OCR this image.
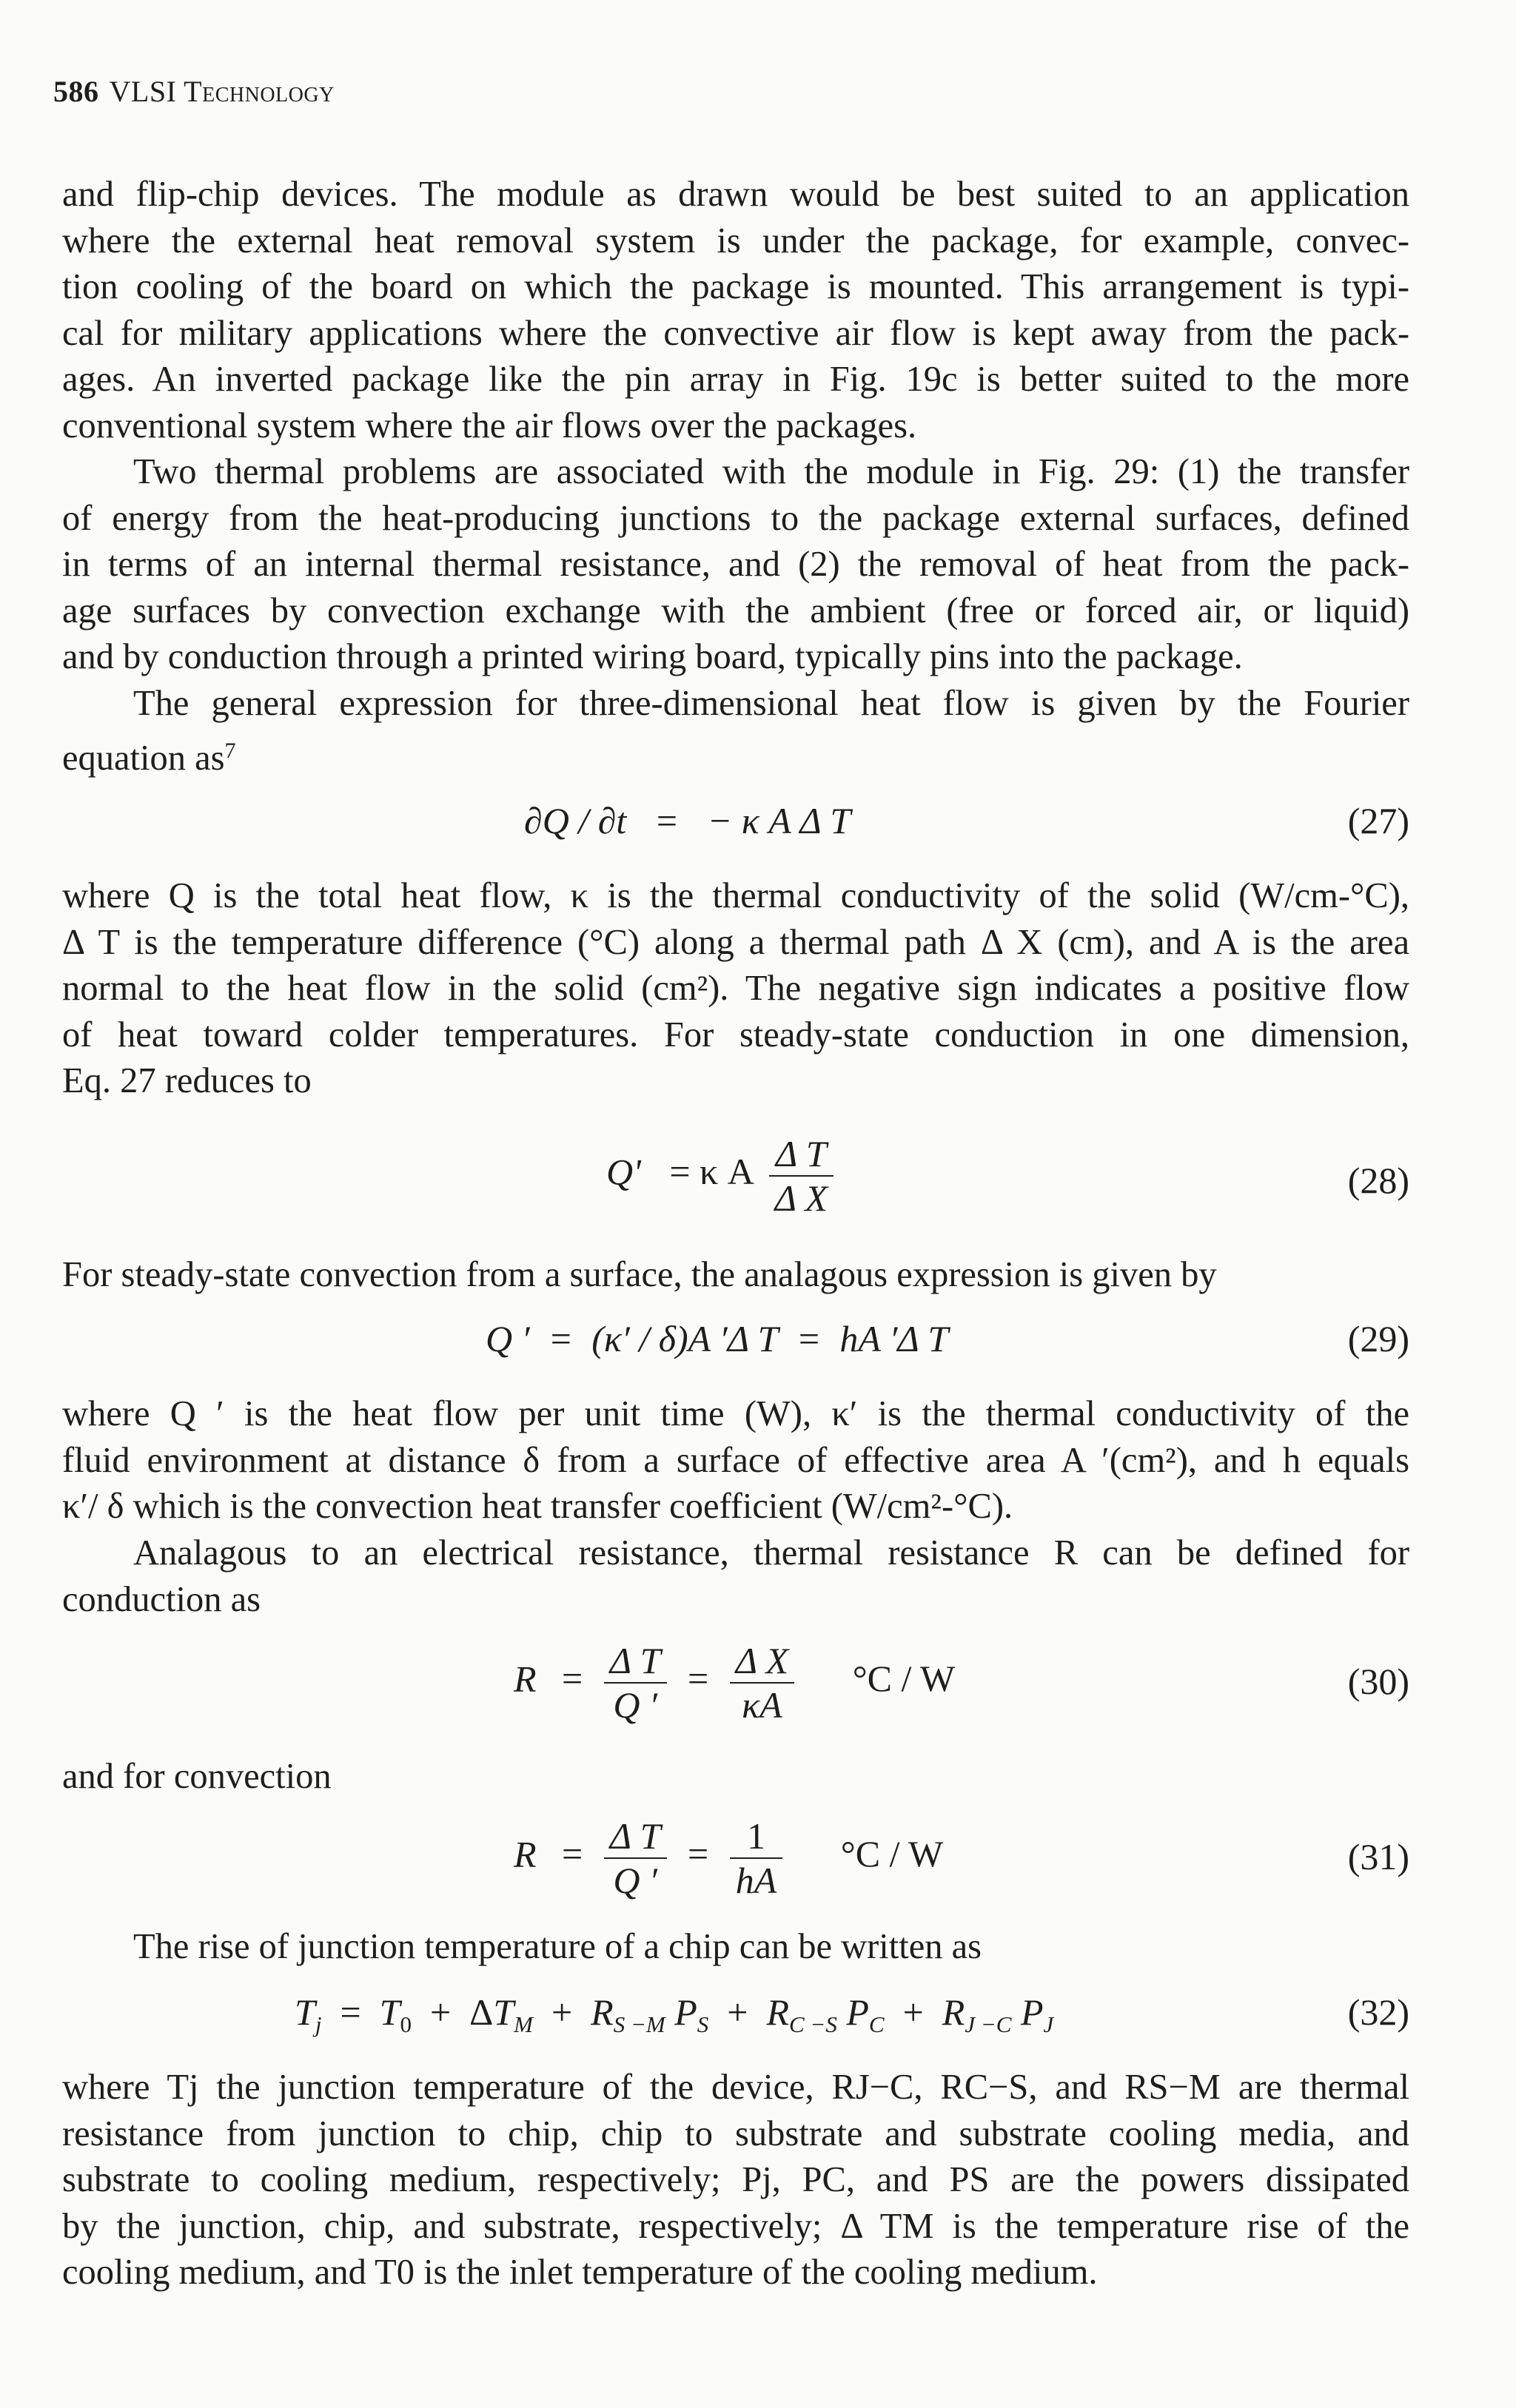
586 VLSI Technology
and flip-chip devices. The module as drawn would be best suited to an application
where the external heat removal system is under the package, for example, convec-
tion cooling of the board on which the package is mounted. This arrangement is typi-
cal for military applications where the convective air flow is kept away from the pack-
ages. An inverted package like the pin array in Fig. 19c is better suited to the more
conventional system where the air flows over the packages.
Two thermal problems are associated with the module in Fig. 29: (1) the transfer
of energy from the heat-producing junctions to the package external surfaces, defined
in terms of an internal thermal resistance, and (2) the removal of heat from the pack-
age surfaces by convection exchange with the ambient (free or forced air, or liquid)
and by conduction through a printed wiring board, typically pins into the package.
The general expression for three-dimensional heat flow is given by the Fourier
equation $as^7$
∂Q / ∂t = − κ A Δ T	(27)
where Q is the total heat flow, κ is the thermal conductivity of the solid (W/cm-°C),
Δ T is the temperature difference (°C) along a thermal path Δ X (cm), and A is the area
normal to the heat flow in the solid (cm²). The negative sign indicates a positive flow
of heat toward colder temperatures. For steady-state conduction in one dimension,
Eq. 27 reduces to
Q' = κ A $\frac{\text{Δ T}}{\text{Δ X}}$	(28)
For steady-state convection from a surface, the analagous expression is given by
Q ′  =  (κ′ / δ)A ′Δ T  =  hA ′Δ T	(29)
where Q ′ is the heat flow per unit time (W), κ′ is the thermal conductivity of the
fluid environment at distance δ from a surface of effective area A ′(cm²), and h equals
κ′/ δ which is the convection heat transfer coefficient (W/cm²-°C).
Analagous to an electrical resistance, thermal resistance R can be defined for
conduction as
$R = \frac{\text{Δ T}}{Q '} = \frac{\text{Δ X}}{\kappa A} ^\circ C / W$	(30)
and for convection
$R = \frac{\text{Δ T}}{Q '} = \frac{1}{hA} ^\circ C / W$	(31)
The rise of junction temperature of a chip can be written as
$T_j = T_0 + \Delta T_M + R_{S -M}$ $P_S + R_{C -S}$ $P_C + R_{J -C}$ $P_J$	(32)
where Tj the junction temperature of the device, RJ−C, RC−S, and RS−M are thermal
resistance from junction to chip, chip to substrate and substrate cooling media, and
substrate to cooling medium, respectively; Pj, PC, and PS are the powers dissipated
by the junction, chip, and substrate, respectively; Δ TM is the temperature rise of the
cooling medium, and T0 is the inlet temperature of the cooling medium.
